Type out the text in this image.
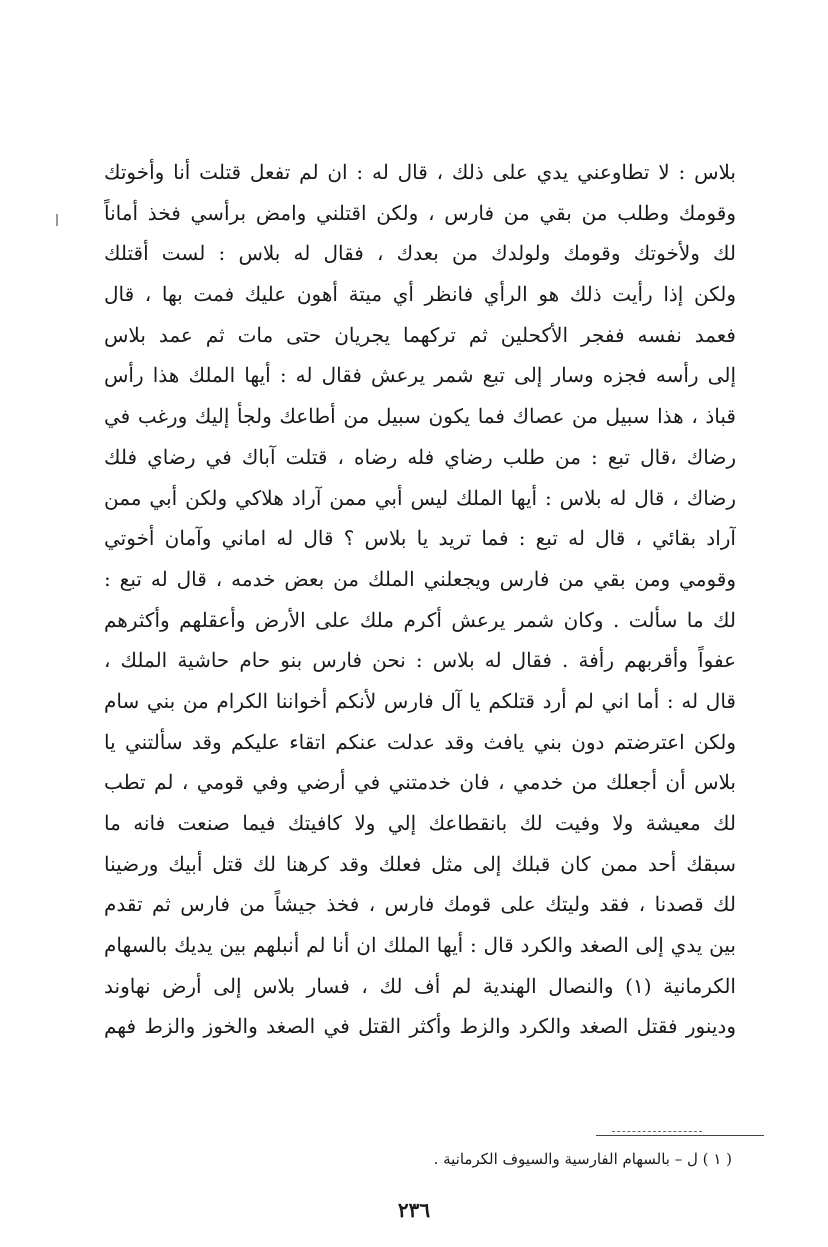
بلاس : لا تطاوعني يدي على ذلك ، قال له : ان لم تفعل قتلت أنا وأخوتك
وقومك وطلب من بقي من فارس ، ولكن اقتلني وامض برأسي فخذ أماناً
لك ولأخوتك وقومك ولولدك من بعدك ، فقال له بلاس : لست أقتلك
ولكن إذا رأيت ذلك هو الرأي فانظر أي ميتة أهون عليك فمت بها ، قال
فعمد نفسه ففجر الأكحلين ثم تركهما يجريان حتى مات ثم عمد بلاس
إلى رأسه فجزه وسار إلى تبع شمر يرعش فقال له : أيها الملك هذا رأس
قباذ ، هذا سبيل من عصاك فما يكون سبيل من أطاعك ولجأ إليك ورغب في
رضاك ،قال تبع : من طلب رضاي فله رضاه ، قتلت آباك في رضاي فلك
رضاك ، قال له بلاس : أيها الملك ليس أبي ممن آراد هلاكي ولكن أبي ممن
آراد بقائي ، قال له تبع : فما تريد يا بلاس ؟ قال له اماني وآمان أخوتي
وقومي ومن بقي من فارس ويجعلني الملك من بعض خدمه ، قال له تبع :
لك ما سألت . وكان شمر يرعش أكرم ملك على الأرض وأعقلهم وأكثرهم
عفواً وأقربهم رأفة . فقال له بلاس : نحن فارس بنو حام حاشية الملك ،
قال له : أما اني لم أرد قتلكم يا آل فارس لأنكم أخواننا الكرام من بني سام
ولكن اعترضتم دون بني يافث وقد عدلت عنكم اتقاء عليكم وقد سألتني يا
بلاس أن أجعلك من خدمي ، فان خدمتني في أرضي وفي قومي ، لم تطب
لك معيشة ولا وفيت لك بانقطاعك إلي ولا كافيتك فيما صنعت فانه ما
سبقك أحد ممن كان قبلك إلى مثل فعلك وقد كرهنا لك قتل أبيك ورضينا
لك قصدنا ، فقد وليتك على قومك فارس ، فخذ جيشاً من فارس ثم تقدم
بين يدي إلى الصغد والكرد قال : أيها الملك ان أنا لم أنبلهم بين يديك بالسهام
الكرمانية (١) والنصال الهندية لم أف لك ، فسار بلاس إلى أرض نهاوند
ودينور فقتل الصغد والكرد والزط وأكثر القتل في الصغد والخوز والزط فهم
( ١ ) ل – بالسهام الفارسية والسيوف الكرمانية .
٢٣٦
